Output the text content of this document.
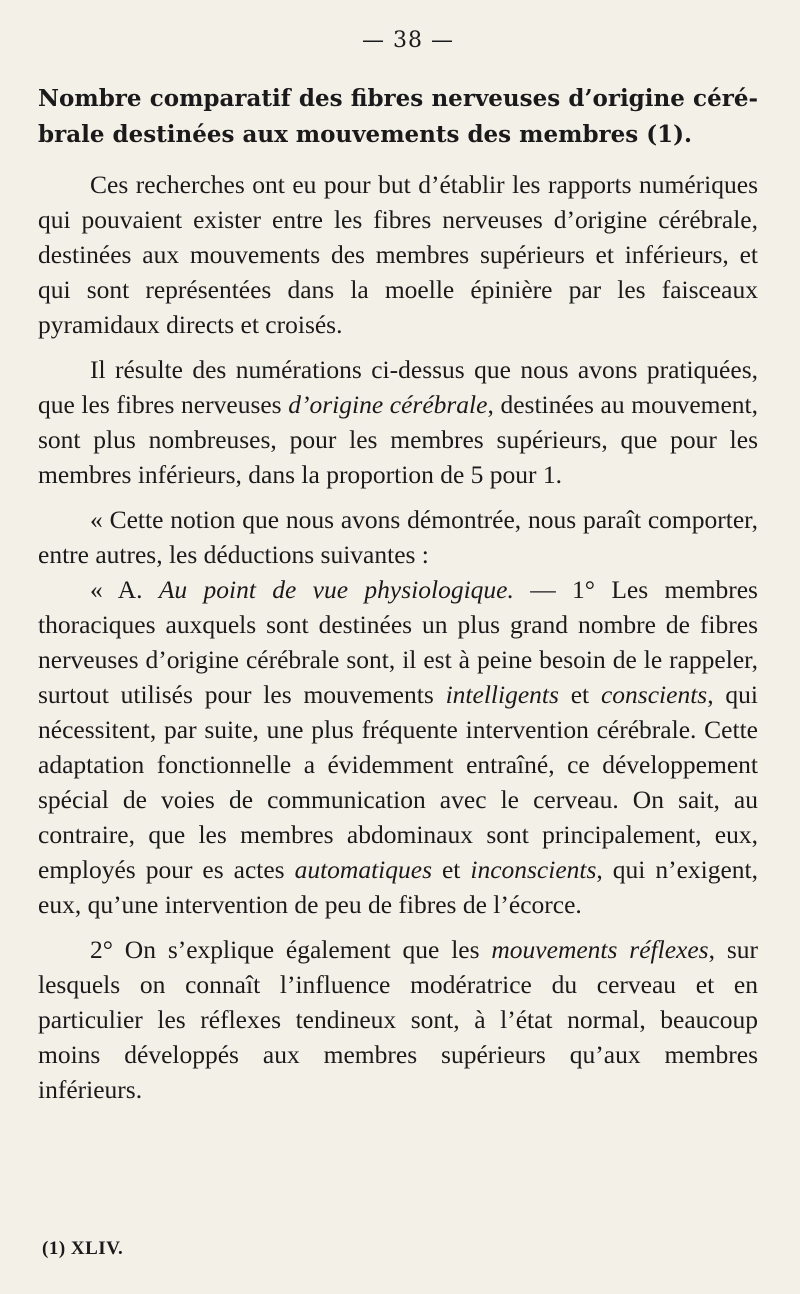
— 38 —
Nombre comparatif des fibres nerveuses d’origine cérébrale destinées aux mouvements des membres (1).

Ces recherches ont eu pour but d’établir les rapports numériques qui pouvaient exister entre les fibres nerveuses d’origine cérébrale, destinées aux mouvements des membres supérieurs et inférieurs, et qui sont représentées dans la moelle épinière par les faisceaux pyramidaux directs et croisés.

Il résulte des numérations ci-dessus que nous avons pratiquées, que les fibres nerveuses d’origine cérébrale, destinées au mouvement, sont plus nombreuses, pour les membres supérieurs, que pour les membres inférieurs, dans la proportion de 5 pour 1.

« Cette notion que nous avons démontrée, nous paraît comporter, entre autres, les déductions suivantes :

« A. Au point de vue physiologique. — 1° Les membres thoraciques auxquels sont destinées un plus grand nombre de fibres nerveuses d’origine cérébrale sont, il est à peine besoin de le rappeler, surtout utilisés pour les mouvements intelligents et conscients, qui nécessitent, par suite, une plus fréquente intervention cérébrale. Cette adaptation fonctionnelle a évidemment entraîné, ce développement spécial de voies de communication avec le cerveau. On sait, au contraire, que les membres abdominaux sont principalement, eux, employés pour es actes automatiques et inconscients, qui n’exigent, eux, qu’une intervention de peu de fibres de l’écorce.

2° On s’explique également que les mouvements réflexes, sur lesquels on connaît l’influence modératrice du cerveau et en particulier les réflexes tendineux sont, à l’état normal, beaucoup moins développés aux membres supérieurs qu’aux membres inférieurs.

(1) XLIV.
